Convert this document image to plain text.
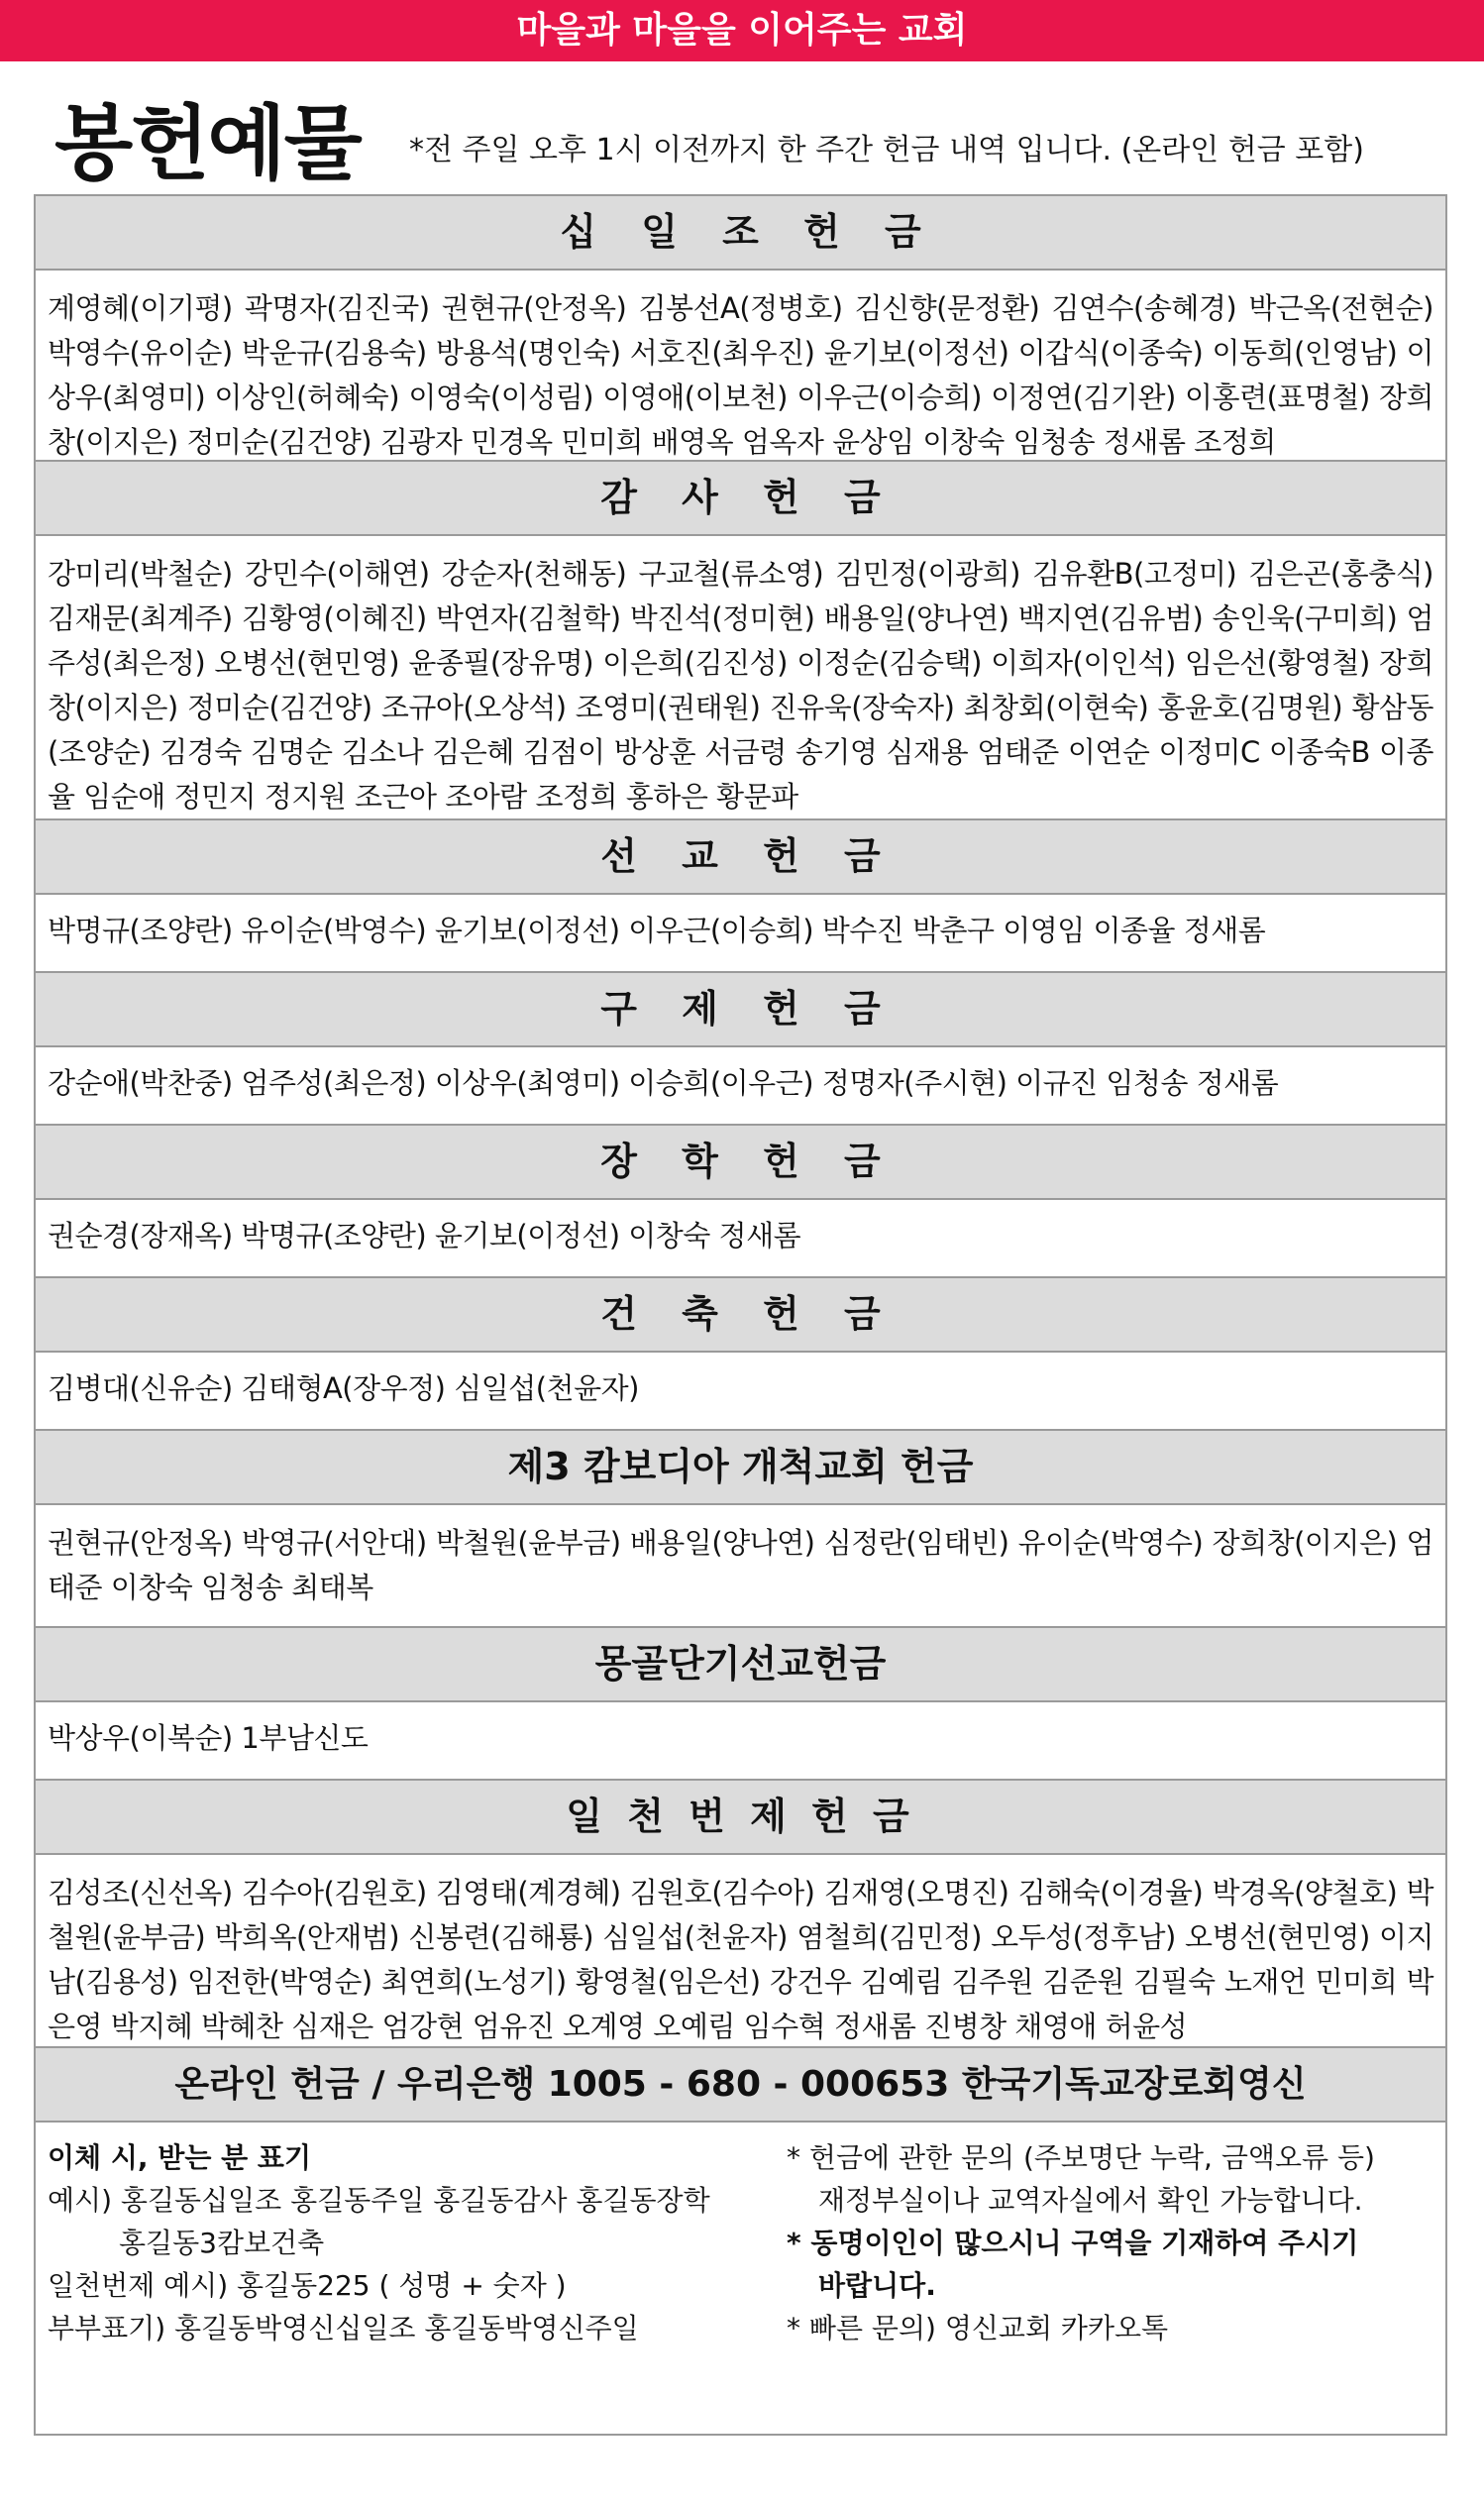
마을과 마을을 이어주는 교회
봉헌예물 *전 주일 오후 1시 이전까지 한 주간 헌금 내역 입니다. (온라인 헌금 포함)
십 일 조 헌 금
계영혜(이기평) 곽명자(김진국) 권현규(안정옥) 김봉선A(정병호) 김신향(문정환) 김연수(송혜경) 박근옥(전현순) 박영수(유이순) 박운규(김용숙) 방용석(명인숙) 서호진(최우진) 윤기보(이정선) 이갑식(이종숙) 이동희(인영남) 이상우(최영미) 이상인(허혜숙) 이영숙(이성림) 이영애(이보천) 이우근(이승희) 이정연(김기완) 이홍련(표명철) 장희창(이지은) 정미순(김건양) 김광자 민경옥 민미희 배영옥 엄옥자 윤상임 이창숙 임청송 정새롬 조정희
감 사 헌 금
강미리(박철순) 강민수(이해연) 강순자(천해동) 구교철(류소영) 김민정(이광희) 김유환B(고정미) 김은곤(홍충식) 김재문(최계주) 김황영(이혜진) 박연자(김철학) 박진석(정미현) 배용일(양나연) 백지연(김유범) 송인욱(구미희) 엄주성(최은정) 오병선(현민영) 윤종필(장유명) 이은희(김진성) 이정순(김승택) 이희자(이인석) 임은선(황영철) 장희창(이지은) 정미순(김건양) 조규아(오상석) 조영미(권태원) 진유욱(장숙자) 최창회(이현숙) 홍윤호(김명원) 황삼동(조양순) 김경숙 김명순 김소나 김은혜 김점이 방상훈 서금령 송기영 심재용 엄태준 이연순 이정미C 이종숙B 이종율 임순애 정민지 정지원 조근아 조아람 조정희 홍하은 황문파
선 교 헌 금
박명규(조양란) 유이순(박영수) 윤기보(이정선) 이우근(이승희) 박수진 박춘구 이영임 이종율 정새롬
구 제 헌 금
강순애(박찬중) 엄주성(최은정) 이상우(최영미) 이승희(이우근) 정명자(주시현) 이규진 임청송 정새롬
장 학 헌 금
권순경(장재옥) 박명규(조양란) 윤기보(이정선) 이창숙 정새롬
건 축 헌 금
김병대(신유순) 김태형A(장우정) 심일섭(천윤자)
제3 캄보디아 개척교회 헌금
권현규(안정옥) 박영규(서안대) 박철원(윤부금) 배용일(양나연) 심정란(임태빈) 유이순(박영수) 장희창(이지은) 엄태준 이창숙 임청송 최태복
몽골단기선교헌금
박상우(이복순) 1부남신도
일 천 번 제 헌 금
김성조(신선옥) 김수아(김원호) 김영태(계경혜) 김원호(김수아) 김재영(오명진) 김해숙(이경율) 박경옥(양철호) 박철원(윤부금) 박희옥(안재범) 신봉련(김해룡) 심일섭(천윤자) 염철희(김민정) 오두성(정후남) 오병선(현민영) 이지남(김용성) 임전한(박영순) 최연희(노성기) 황영철(임은선) 강건우 김예림 김주원 김준원 김필숙 노재언 민미희 박은영 박지혜 박혜찬 심재은 엄강현 엄유진 오계영 오예림 임수혁 정새롬 진병창 채영애 허윤성
온라인 헌금 / 우리은행 1005 - 680 - 000653 한국기독교장로회영신
이체 시, 받는 분 표기
예시) 홍길동십일조 홍길동주일 홍길동감사 홍길동장학
홍길동3캄보건축
일천번제 예시) 홍길동225 ( 성명 + 숫자 )
부부표기) 홍길동박영신십일조 홍길동박영신주일
* 헌금에 관한 문의 (주보명단 누락, 금액오류 등)
재정부실이나 교역자실에서 확인 가능합니다.
* 동명이인이 많으시니 구역을 기재하여 주시기
바랍니다.
* 빠른 문의) 영신교회 카카오톡
